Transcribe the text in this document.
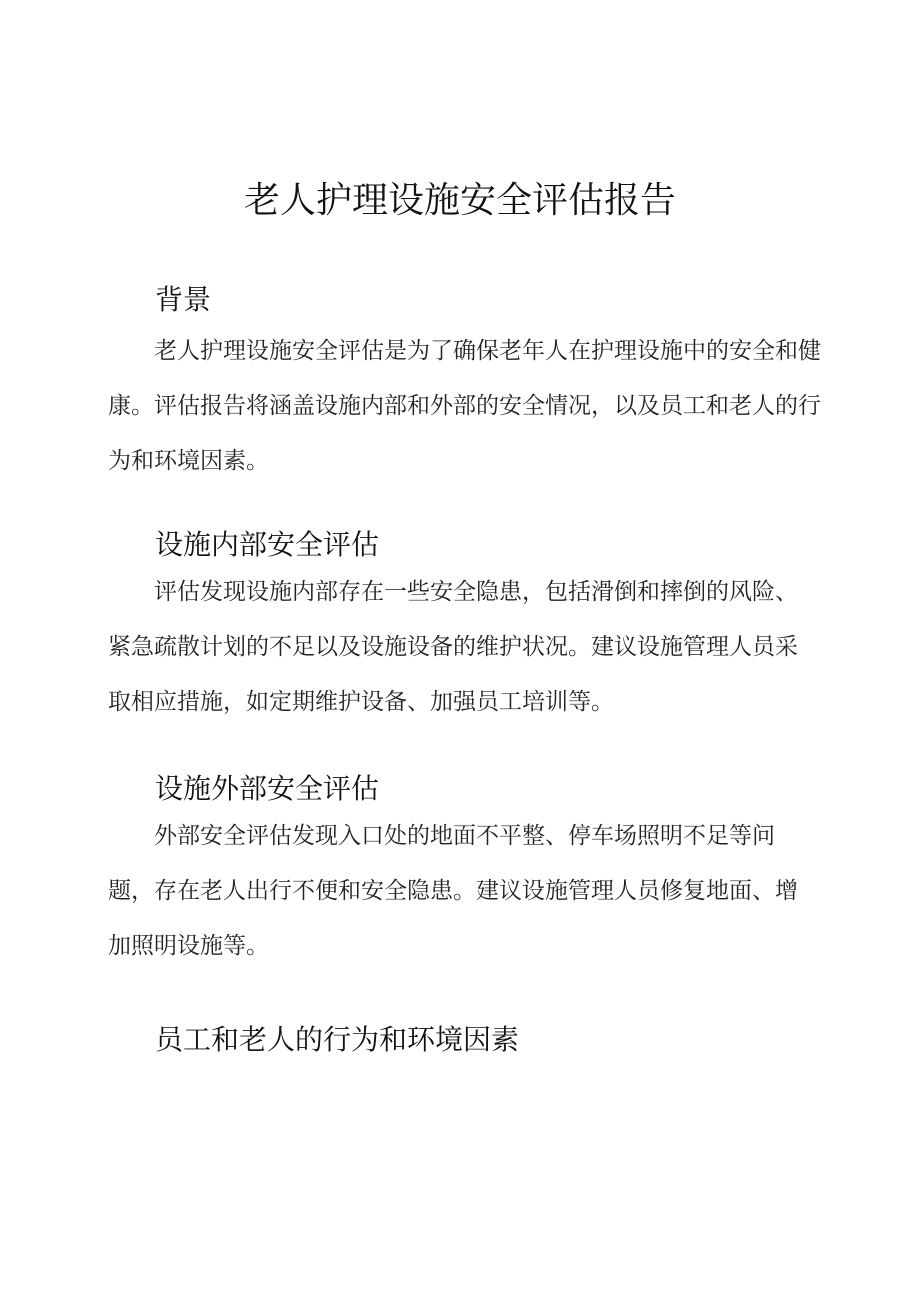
老人护理设施安全评估报告
背景

老人护理设施安全评估是为了确保老年人在护理设施中的安全和健康。评估报告将涵盖设施内部和外部的安全情况，以及员工和老人的行为和环境因素。

设施内部安全评估

评估发现设施内部存在一些安全隐患，包括滑倒和摔倒的风险、紧急疏散计划的不足以及设施设备的维护状况。建议设施管理人员采取相应措施，如定期维护设备、加强员工培训等。

设施外部安全评估

外部安全评估发现入口处的地面不平整、停车场照明不足等问题，存在老人出行不便和安全隐患。建议设施管理人员修复地面、增加照明设施等。

员工和老人的行为和环境因素
